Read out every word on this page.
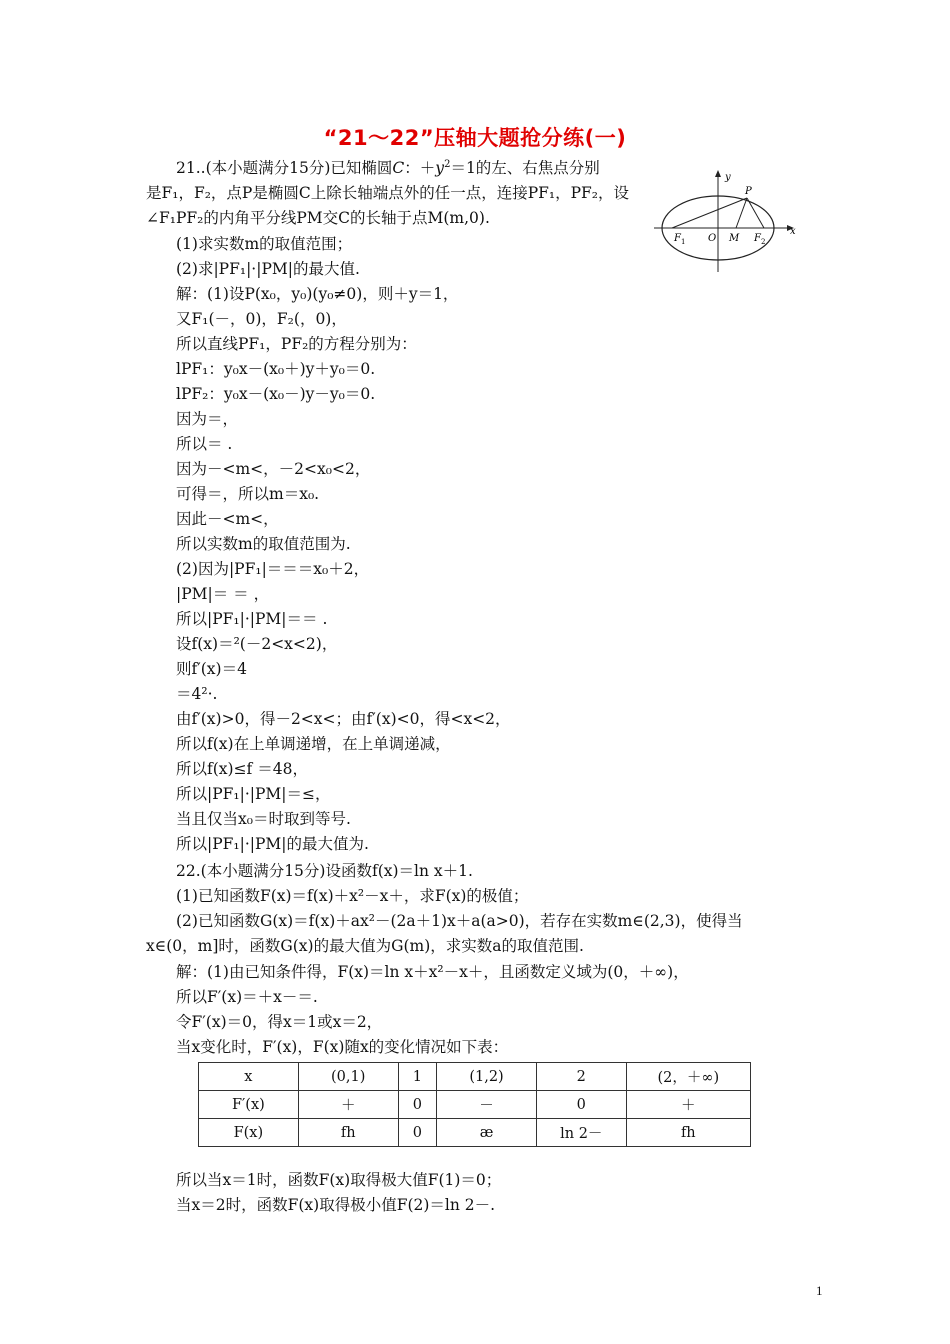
“21～22”压轴大题抢分练(一)
21..(本小题满分15分)已知椭圆C：$+y^2=1$的左、右焦点分别
是F₁，F₂，点P是椭圆C上除长轴端点外的任一点，连接PF₁，PF₂，设
∠F₁PF₂的内角平分线PM交C的长轴于点M(m,0).
(1)求实数m的取值范围；
(2)求|PF₁|·|PM|的最大值.
解：(1)设P(x₀，y₀)(y₀≠0)，则＋y＝1，
又F₁(－，0)，F₂(，0)，
所以直线PF₁，PF₂的方程分别为：
lPF₁：y₀x－(x₀＋)y＋y₀＝0.
lPF₂：y₀x－(x₀－)y－y₀＝0.
因为＝，
所以＝ .
因为－<m<，－2<x₀<2，
可得＝，所以m＝x₀.
因此－<m<，
所以实数m的取值范围为.
(2)因为|PF₁|＝＝＝x₀＋2，
|PM|＝ ＝ ，
所以|PF₁|·|PM|＝＝ .
设f(x)＝²(－2<x<2)，
则f′(x)＝4
＝4²·.
由f′(x)>0，得－2<x<；由f′(x)<0，得<x<2，
所以f(x)在上单调递增，在上单调递减，
所以f(x)≤f ＝48，
所以|PF₁|·|PM|＝≤，
当且仅当x₀＝时取到等号.
所以|PF₁|·|PM|的最大值为.
y
x
P
F 1 O M F 2
22.(本小题满分15分)设函数f(x)＝ln x＋1.
(1)已知函数F(x)＝f(x)＋x²－x＋，求F(x)的极值；
(2)已知函数G(x)＝f(x)＋ax²－(2a＋1)x＋a(a>0)，若存在实数m∈(2,3)，使得当
x∈(0，m]时，函数G(x)的最大值为G(m)，求实数a的取值范围.
解：(1)由已知条件得，F(x)＝ln x＋x²－x＋，且函数定义域为(0，＋∞)，
所以F′(x)＝＋x－＝.
令F′(x)＝0，得x＝1或x＝2，
当x变化时，F′(x)，F(x)随x的变化情况如下表：
x	(0,1)	1	(1,2)	2	(2，＋∞)
F′(x)	＋	0	－	0	＋
F(x)	fh	0	æ	ln 2－	fh
所以当x＝1时，函数F(x)取得极大值F(1)＝0；
当x＝2时，函数F(x)取得极小值F(2)＝ln 2－.
1
